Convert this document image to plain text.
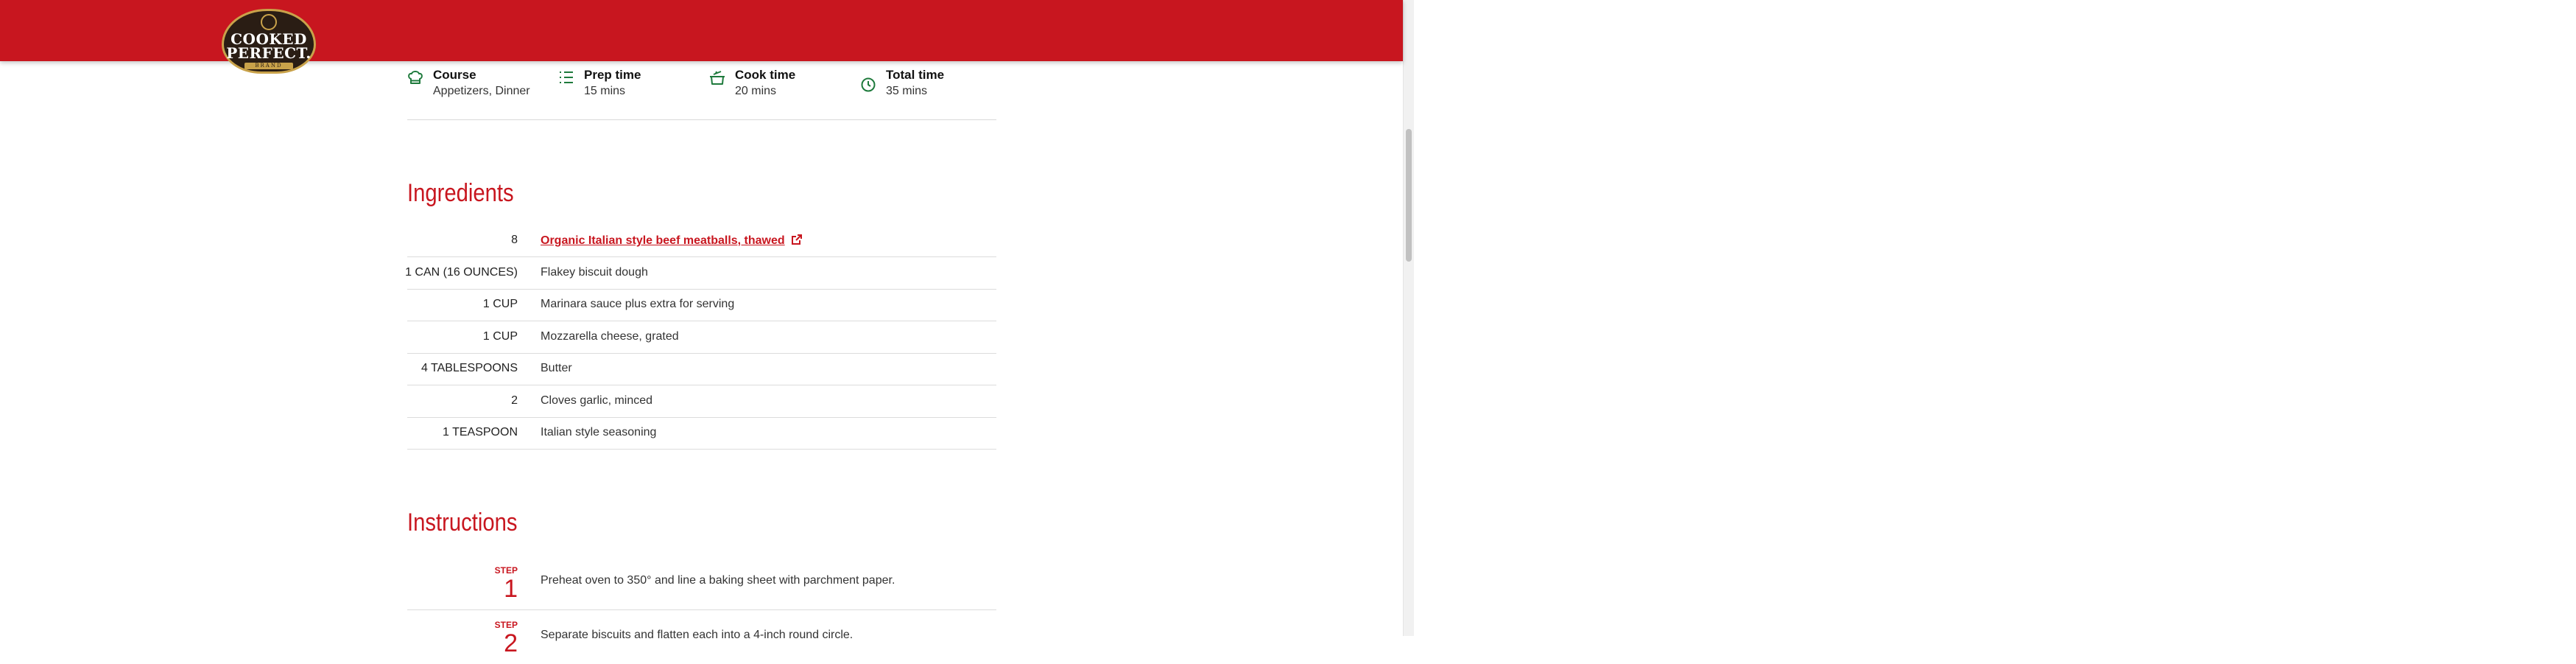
COOKED
PERFECT.
BRAND
Home	Products	Recipes	Where to Buy About us
Course
Appetizers, Dinner
Prep time
15 mins
Cook time
20 mins
Total time
35 mins
Ingredients
8 Organic Italian style beef meatballs, thawed
1 CAN (16 OUNCES) Flakey biscuit dough
1 CUP Marinara sauce plus extra for serving
1 CUP Mozzarella cheese, grated
4 TABLESPOONS Butter
2 Cloves garlic, minced
1 TEASPOON Italian style seasoning
Instructions
STEP
1 Preheat oven to 350° and line a baking sheet with parchment paper.
STEP
2 Separate biscuits and flatten each into a 4-inch round circle.
